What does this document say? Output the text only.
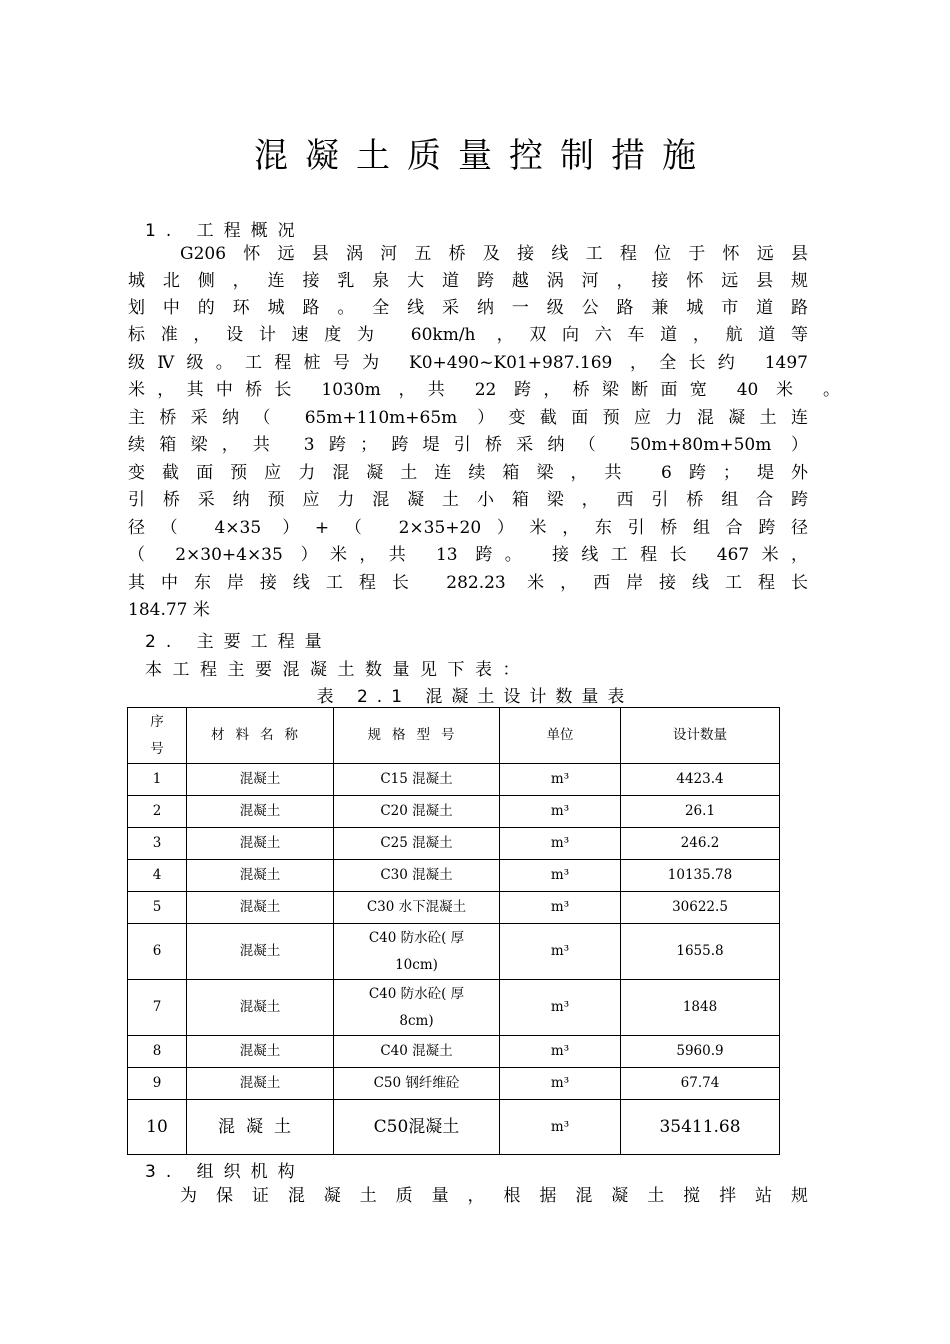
混凝土质量控制措施
1. 工程概况
G206怀远县涡河五桥及接线工程位于怀远县
城北侧，连接乳泉大道跨越涡河，接怀远县规
划中的环城路。全线采纳一级公路兼城市道路
标准，设计速度为 60km/h ，双向六车道，航道等
级Ⅳ级。工程桩号为 K0+490~K01+987.169 ，全长约 1497
米，其中桥长 1030m ，共 22 跨，桥梁断面宽 40 米 。
主桥采纳（ 65m+110m+65m ）变截面预应力混凝土连
续箱梁，共 3跨；跨堤引桥采纳（ 50m+80m+50m ）
变截面预应力混凝土连续箱梁，共 6跨；堤外
引桥采纳预应力混凝土小箱梁，西引桥组合跨
径（ 4×35 ）+（ 2×35+20）米，东引桥组合跨径
（ 2×30+4×35 ）米，共 13 跨。 接线工程长 467米，
其中东岸接线工程长 282.23 米，西岸接线工程长
184.77 米
2. 主要工程量
本工程主要混凝土数量见下表：
表 2.1 混凝土设计数量表
序号	材料名称	规格型号	单位	设计数量
1	混凝土	C15 混凝土	m³	4423.4
2	混凝土	C20 混凝土	m³	26.1
3	混凝土	C25 混凝土	m³	246.2
4	混凝土	C30 混凝土	m³	10135.78
5	混凝土	C30 水下混凝土	m³	30622.5
6	混凝土	C40 防水砼( 厚10cm)	m³	1655.8
7	混凝土	C40 防水砼( 厚8cm)	m³	1848
8	混凝土	C40 混凝土	m³	5960.9
9	混凝土	C50 钢纤维砼	m³	67.74
10	混凝土	C50混凝土	m³	35411.68
3. 组织机构
为保证混凝土质量，根据混凝土搅拌站规
